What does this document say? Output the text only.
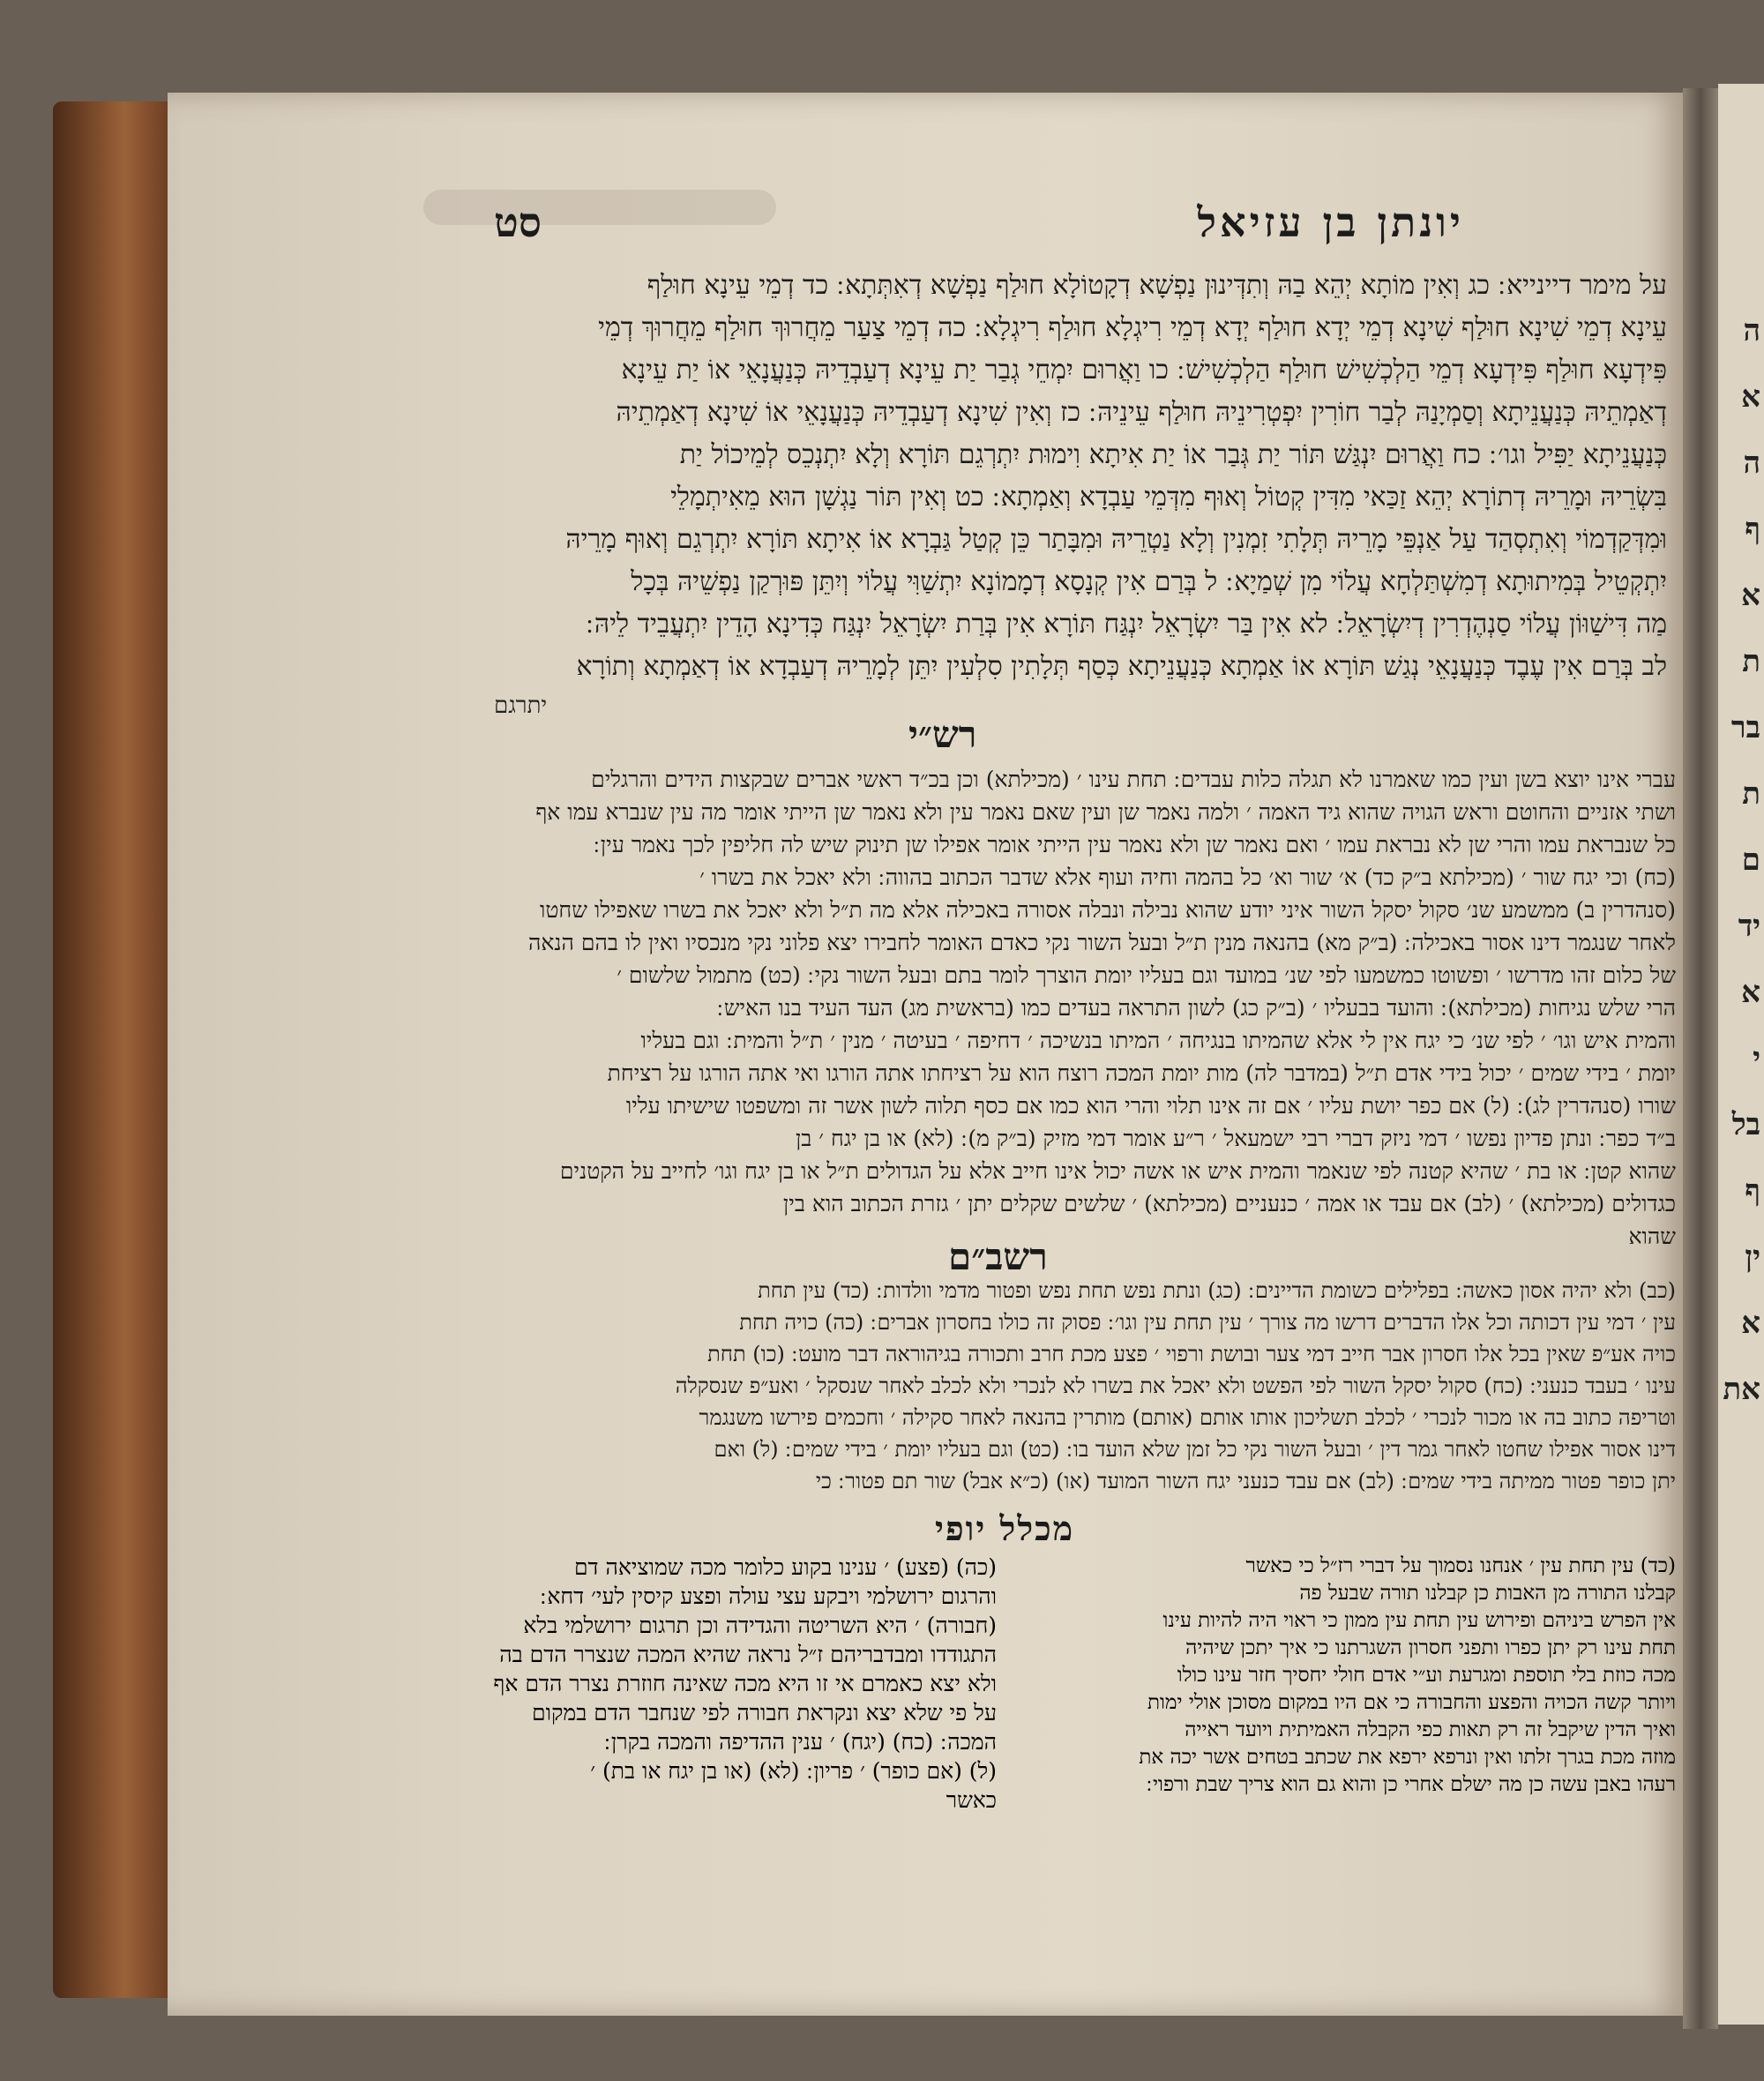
ה
א
ה
ף
א
ת
בר
ת
ם
יד
א
י
בל
ף
ין
א
את
יונתן בן עזיאל
סט
על מימר דיינייא ׃ כג וְאִין מוֹתָא יְהֵא בַהּ וְתִדְּינוּן נַפְשָׁא דְקָטוֹלָא חוּלַף נַפְשָׁא דְאִתְּתָא ׃ כד דְמֵי עֵינָא חוּלַף
עֵינָא דְמֵי שִׁינָא חוּלַף שִׁינָא דְמֵי יְדָא חוּלַף יְדָא דְמֵי רִיגְלָא חוּלַף רִיגְלָא ׃ כה דְמֵי צַעַר מֵחֲרוּךְ חוּלַף מֵחֲרוּךְ דְמֵי
פִּידְעָא חוּלַף פִּידְעָא דְמֵי הַלְכְשִׁישׁ חוּלַף הַלְכְשִׁישׁ ׃ כו וַאֲרוּם יִמְחֵי גְבַר יַת עֵינָא דְעַבְדֵיהּ כְּנַעֲנָאֵי אוֹ יַת עֵינָא
דְאַמְתֵיהּ כְּנַעֲנֵיתָא וְסַמְיָנַהּ לְבַר חוֹרִין יִפְטְרִינֵיהּ חוּלַף עֵינֵיהּ ׃ כז וְאִין שִׁינָא דְעַבְדֵיהּ כְּנַעֲנָאֵי אוֹ שִׁינָא דְאַמְתֵיהּ
כְּנַעֲנֵיתָא יַפִּיל וגו׳ ׃ כח וַאֲרוּם יִנְגַּשׁ תּוֹר יַת גְּבַר אוֹ יַת אִיתָא וִימוּת יִתְרְגֵם תּוֹרָא וְלָא יִתְנְכֵס לְמֵיכוֹל יַת
בִּשְׂרֵיהּ וּמָרֵיהּ דְתוֹרָא יְהֵא זַכַּאי מִדִּין קְטוֹל וְאוּף מִדְּמֵי עַבְדָא וְאַמְתָא ׃ כט וְאִין תּוֹר נַגְשָׁן הוּא מֵאִיתְמָלֵי
וּמִדְּקַדְמוֹי וְאִתְסְהַד עַל אַנְפֵּי מָרֵיהּ תְּלָתִי זִמְנִין וְלָא נַטְרֵיהּ וּמִבָּתַר כֵּן קְטַל גַּבְרָא אוֹ אִיתָא תּוֹרָא יִתְרְגֵם וְאוּף מָרֵיהּ
יִתְקְטֵיל בְּמִיתוּתָא דְמִשְׁתַּלְחָא עֲלוֹי מִן שְׁמַיָא ׃ ל בְּרַם אִין קְנָסָא דְמָמוֹנָא יִתְשַׁוִּי עֲלוֹי וְיִתֵּן פּוּרְקַן נַפְשֵׁיהּ בְּכָל
מַה דִּישַׁוּוֹן עֲלוֹי סַנְהֶדְרִין דְיִשְׂרָאֵל ׃ לא אִין בַּר יִשְׂרָאֵל יִנְגַּח תּוֹרָא אִין בְּרַת יִשְׂרָאֵל יִנְגַּח כְּדִינָא הָדֵין יִתְעֲבֵיד לֵיהּ ׃
לב בְּרַם אִין עֶבֶד כְּנַעֲנָאֵי נְגַשׁ תּוֹרָא אוֹ אַמְתָא כְּנַעֲנֵיתָא כְּסַף תְּלָתִין סִלְעִין יִתֵּן לְמָרֵיהּ דְעַבְדָא אוֹ דְאַמְתָא וְתוֹרָא
יתרגם
רש״י
עברי אינו יוצא בשן ועין כמו שאמרנו לא תגלה כלות עבדים ׃ תחת עינו ׳ (מכילתא) וכן בכ״ד ראשי אברים שבקצות הידים והרגלים
ושתי אזניים והחוטם וראש הגויה שהוא גיד האמה ׳ ולמה נאמר שן ועין שאם נאמר עין ולא נאמר שן הייתי אומר מה עין שנברא עמו אף
כל שנבראת עמו והרי שן לא נבראת עמו ׳ ואם נאמר שן ולא נאמר עין הייתי אומר אפילו שן תינוק שיש לה חליפין לכך נאמר עין ׃
(כח) וכי יגח שור ׳ (מכילתא ב״ק כד) א׳ שור וא׳ כל בהמה וחיה ועוף אלא שדבר הכתוב בהווה ׃ ולא יאכל את בשרו ׳
(סנהדרין ב) ממשמע שנ׳ סקול יסקל השור איני יודע שהוא נבילה ונבלה אסורה באכילה אלא מה ת״ל ולא יאכל את בשרו שאפילו שחטו
לאחר שנגמר דינו אסור באכילה ׃ (ב״ק מא) בהנאה מנין ת״ל ובעל השור נקי כאדם האומר לחבירו יצא פלוני נקי מנכסיו ואין לו בהם הנאה
של כלום זהו מדרשו ׳ ופשוטו כמשמעו לפי שנ׳ במועד וגם בעליו יומת הוצרך לומר בתם ובעל השור נקי ׃ (כט) מתמול שלשום ׳
הרי שלש נגיחות (מכילתא) ׃ והועד בבעליו ׳ (ב״ק כג) לשון התראה בעדים כמו (בראשית מג) העד העיד בנו האיש ׃
והמית איש וגו׳ ׳ לפי שנ׳ כי יגח אין לי אלא שהמיתו בנגיחה ׳ המיתו בנשיכה ׳ דחיפה ׳ בעיטה ׳ מנין ׳ ת״ל והמית ׃ וגם בעליו
יומת ׳ בידי שמים ׳ יכול בידי אדם ת״ל (במדבר לה) מות יומת המכה רוצח הוא על רציחתו אתה הורגו ואי אתה הורגו על רציחת
שורו (סנהדרין לג) ׃ (ל) אם כפר יושת עליו ׳ אם זה אינו תלוי והרי הוא כמו אם כסף תלוה לשון אשר זה ומשפטו שישיתו עליו
ב״ד כפר ׃ ונתן פדיון נפשו ׳ דמי ניזק דברי רבי ישמעאל ׳ ר״ע אומר דמי מזיק (ב״ק מ) ׃ (לא) או בן יגח ׳ בן
שהוא קטן ׃ או בת ׳ שהיא קטנה לפי שנאמר והמית איש או אשה יכול אינו חייב אלא על הגדולים ת״ל או בן יגח וגו׳ לחייב על הקטנים
כגדולים (מכילתא) ׳ (לב) אם עבד או אמה ׳ כנעניים (מכילתא) ׳ שלשים שקלים יתן ׳ גזרת הכתוב הוא בין
שהוא
רשב״ם
(כב) ולא יהיה אסון כאשה ׃ בפלילים כשומת הדיינים ׃ (כג) ונתת נפש תחת נפש ופטור מדמי וולדות ׃ (כד) עין תחת
עין ׳ דמי עין דכותה וכל אלו הדברים דרשו מה צורך ׳ עין תחת עין וגו׳ ׃ פסוק זה כולו בחסרון אברים ׃ (כה) כויה תחת
כויה אע״פ שאין בכל אלו חסרון אבר חייב דמי צער ובושת ורפוי ׳ פצע מכת חרב ותכורה בגיהוראה דבר מועט ׃ (כו) תחת
עינו ׳ בעבד כנעני ׃ (כח) סקול יסקל השור לפי הפשט ולא יאכל את בשרו לא לנכרי ולא לכלב לאחר שנסקל ׳ ואע״פ שנסקלה
וטריפה כתוב בה או מכור לנכרי ׳ לכלב תשליכון אותו אותם (אותם) מותרין בהנאה לאחר סקילה ׳ וחכמים פירשו משנגמר
דינו אסור אפילו שחטו לאחר גמר דין ׳ ובעל השור נקי כל זמן שלא הועד בו ׃ (כט) וגם בעליו יומת ׳ בידי שמים ׃ (ל) ואם
יתן כופר פטור ממיתה בידי שמים ׃ (לב) אם עבד כנעני יגח השור המועד (או) (כ״א אבל) שור תם פטור ׃ כי
מכלל יופי
(כד) עין תחת עין ׳ אנחנו נסמוך על דברי רז״ל כי כאשר
קבלנו התורה מן האבות כן קבלנו תורה שבעל פה
אין הפרש ביניהם ופירוש עין תחת עין ממון כי ראוי היה להיות עינו
תחת עינו רק יתן כפרו ותפני חסרון השגרתנו כי איך יתכן שיהיה
מכה כוזת בלי תוספת ומגרעת וע״י אדם חולי יחסיך חזר עינו כולו
ויותר קשה הכויה והפצע והחבורה כי אם היו במקום מסוכן אולי ימות
ואיך הדין שיקבל זה רק תאות כפי הקבלה האמיתית ויועד ראייה
מוזה מכת בגרך זלתו ואין ונרפא ירפא את שכתב בטחים אשר יכה את
רעהו באבן עשה כן מה ישלם אחרי כן והוא גם הוא צריך שבת ורפוי ׃
(כה) (פצע) ׳ ענינו בקוע כלומר מכה שמוציאה דם
והרגום ירושלמי ויבקע עצי עולה ופצע קיסין לעי׳ דחא ׃
(חבורה) ׳ היא השריטה והגדידה וכן תרגום ירושלמי בלא
התגודדו ומבדבריהם ז״ל נראה שהיא המכה שנצרר הדם בה
ולא יצא כאמרם אי זו היא מכה שאינה חוזרת נצרר הדם אף
על פי שלא יצא ונקראת חבורה לפי שנחבר הדם במקום
המכה ׃ (כח) (יגח) ׳ ענין ההדיפה והמכה בקרן ׃
(ל) (אם כופר) ׳ פריון ׃ (לא) (או בן יגח או בת) ׳
כאשר
